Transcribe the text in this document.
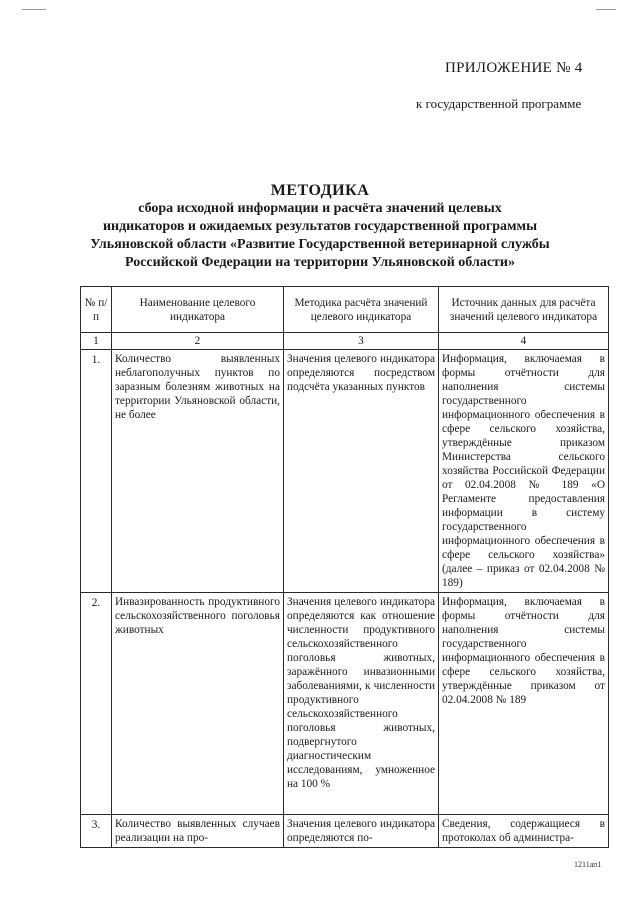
ПРИЛОЖЕНИЕ № 4
к государственной программе
МЕТОДИКА
сбора исходной информации и расчёта значений целевых
индикаторов и ожидаемых результатов государственной программы
Ульяновской области «Развитие Государственной ветеринарной службы
Российской Федерации на территории Ульяновской области»
№ п/п	Наименование целевого индикатора	Методика расчёта значений целевого индикатора	Источник данных для расчёта значений целевого индикатора
1	2	3	4
1.	Количество выявленных неблагополучных пунктов по заразным болезням животных на территории Ульяновской области, не более	Значения целевого индикатора определяются посредством подсчёта указанных пунктов	Информация, включаемая в формы отчётности для наполнения системы государственного информационного обеспечения в сфере сельского хозяйства, утверждённые приказом Министерства сельского хозяйства Российской Федерации от 02.04.2008 № 189 «О Регламенте предоставления информации в систему государственного информационного обеспечения в сфере сельского хозяйства» (далее – приказ от 02.04.2008 № 189)
2.	Инвазированность продуктивного сельскохозяйственного поголовья животных	Значения целевого индикатора определяются как отношение численности продуктивного сельскохозяйственного поголовья животных, заражённого инвазионными заболеваниями, к численности продуктивного сельскохозяйственного поголовья животных, подвергнутого диагностическим исследованиям, умноженное на 100 %	Информация, включаемая в формы отчётности для наполнения системы государственного информационного обеспечения в сфере сельского хозяйства, утверждённые приказом от 02.04.2008 № 189
3.	Количество выявленных случаев реализации на про-	Значения целевого индикатора определяются по-	Сведения, содержащиеся в протоколах об администра-
1211ап1
